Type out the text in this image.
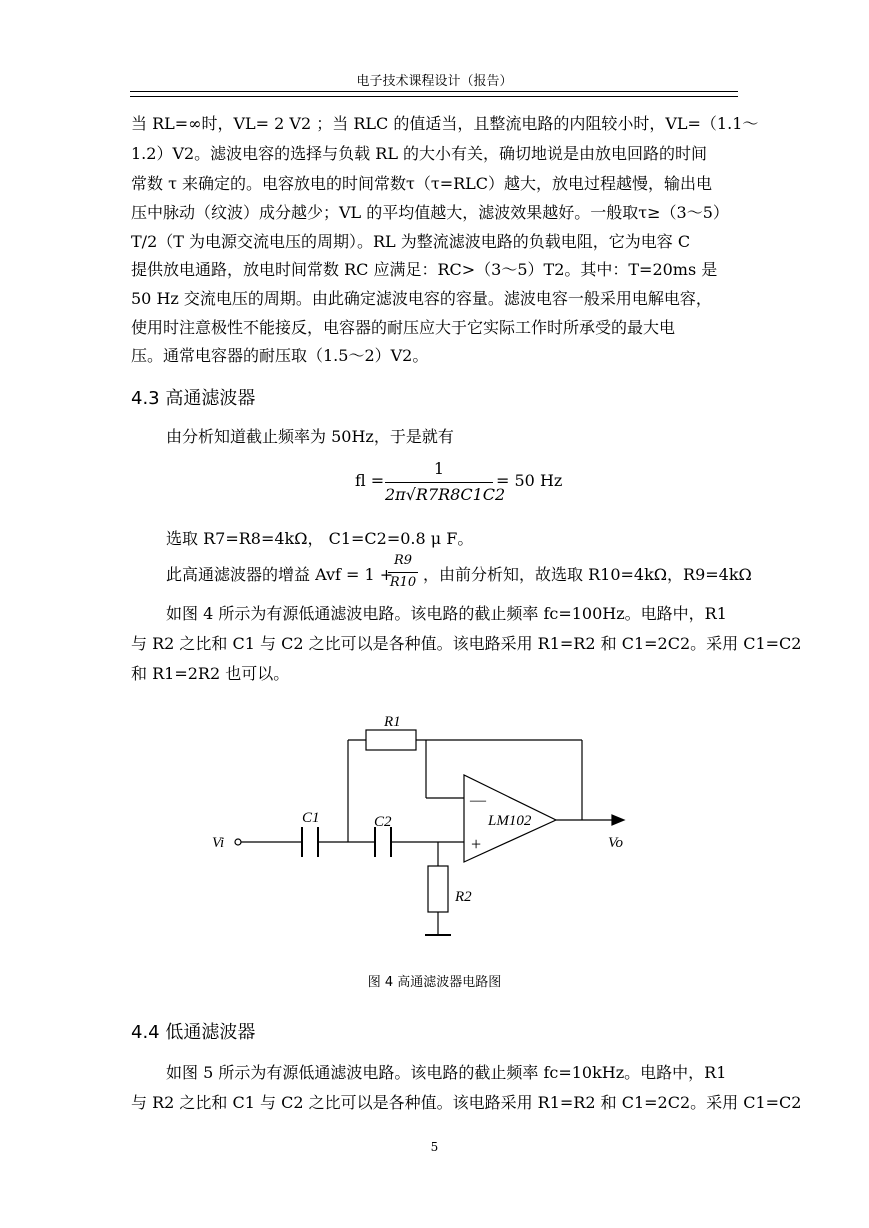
电子技术课程设计（报告）
当 RL=∞时，VL= 2 V2 ；当 RLC 的值适当，且整流电路的内阻较小时，VL=（1.1～
1.2）V2。滤波电容的选择与负载 RL 的大小有关，确切地说是由放电回路的时间
常数 τ 来确定的。电容放电的时间常数τ（τ=RLC）越大，放电过程越慢，输出电
压中脉动（纹波）成分越少；VL 的平均值越大，滤波效果越好。一般取τ≥（3～5）
T/2（T 为电源交流电压的周期）。RL 为整流滤波电路的负载电阻，它为电容 C
提供放电通路，放电时间常数 RC 应满足：RC>（3～5）T2。其中：T=20ms 是
50 Hz 交流电压的周期。由此确定滤波电容的容量。滤波电容一般采用电解电容，
使用时注意极性不能接反，电容器的耐压应大于它实际工作时所承受的最大电
压。通常电容器的耐压取（1.5～2）V2。
4.3 高通滤波器
由分析知道截止频率为 50Hz，于是就有
fl =
1
2π√R7R8C1C2
= 50 Hz
选取 R7=R8=4kΩ， C1=C2=0.8 μ F。
此高通滤波器的增益 Avf = 1 +
R9
R10 ，由前分析知，故选取 R10=4kΩ，R9=4kΩ
如图 4 所示为有源低通滤波电路。该电路的截止频率 fc=100Hz。电路中，R1
与 R2 之比和 C1 与 C2 之比可以是各种值。该电路采用 R1=R2 和 C1=2C2。采用 C1=C2
和 R1=2R2 也可以。
R1
C1	C2
R2
LM102
—
+
Vi	Vo
图 4 高通滤波器电路图
4.4 低通滤波器
如图 5 所示为有源低通滤波电路。该电路的截止频率 fc=10kHz。电路中，R1
与 R2 之比和 C1 与 C2 之比可以是各种值。该电路采用 R1=R2 和 C1=2C2。采用 C1=C2
5
